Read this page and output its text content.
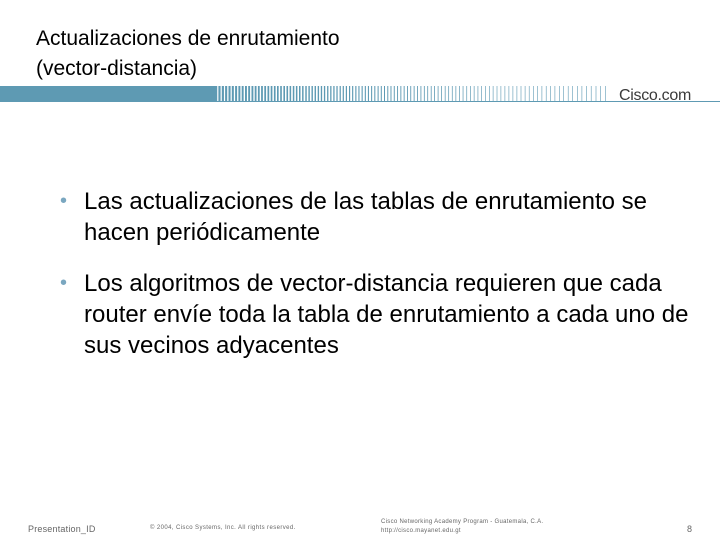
Actualizaciones de enrutamiento
(vector-distancia)
Cisco.com
• Las actualizaciones de las tablas de enrutamiento se hacen periódicamente
• Los algoritmos de vector-distancia requieren que cada router envíe toda la tabla de enrutamiento a cada uno de sus vecinos adyacentes
Presentation_ID	© 2004, Cisco Systems, Inc. All rights reserved.
Cisco Networking Academy Program - Guatemala, C.A.
http://cisco.mayanet.edu.gt	8
